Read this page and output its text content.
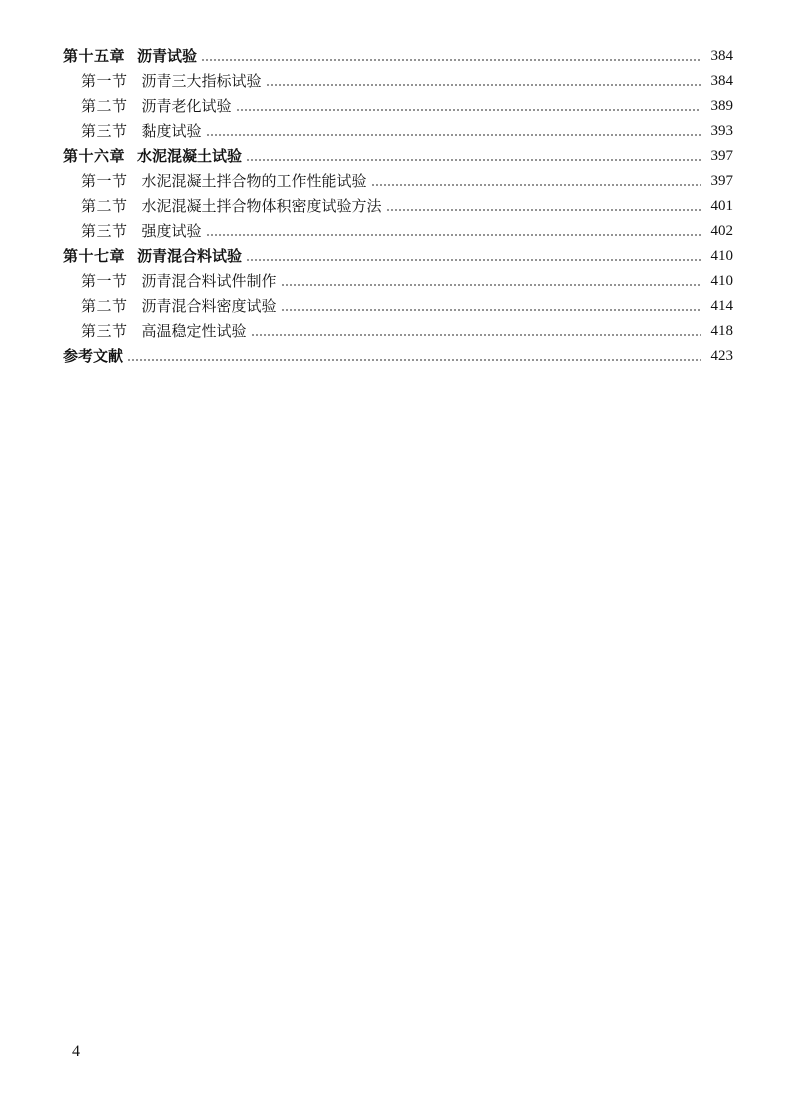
第十五章 沥青试验	384
第一节 沥青三大指标试验	384
第二节 沥青老化试验	389
第三节 黏度试验	393
第十六章 水泥混凝土试验	397
第一节 水泥混凝土拌合物的工作性能试验	397
第二节 水泥混凝土拌合物体积密度试验方法	401
第三节 强度试验	402
第十七章 沥青混合料试验	410
第一节 沥青混合料试件制作	410
第二节 沥青混合料密度试验	414
第三节 高温稳定性试验	418
参考文献	423
4
